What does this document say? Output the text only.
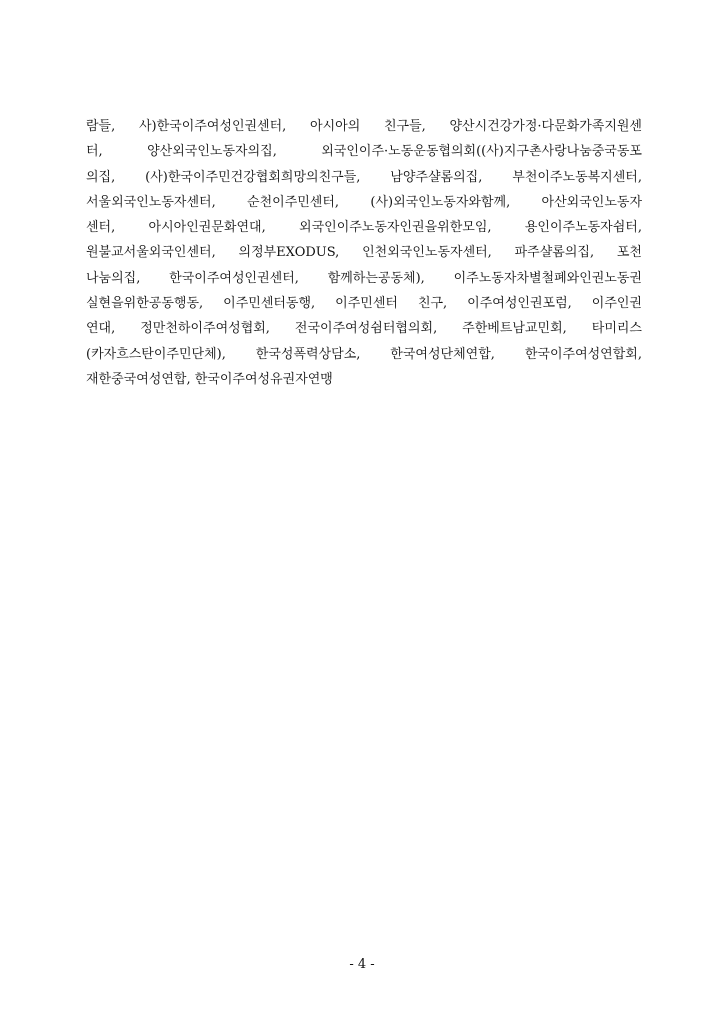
람들, 사)한국이주여성인권센터, 아시아의 친구들, 양산시건강가정·다문화가족지원센
터, 양산외국인노동자의집, 외국인이주·노동운동협의회((사)지구촌사랑나눔중국동포
의집, (사)한국이주민건강협회희망의친구들, 남양주샬롬의집, 부천이주노동복지센터,
서울외국인노동자센터, 순천이주민센터, (사)외국인노동자와함께, 아산외국인노동자
센터, 아시아인권문화연대, 외국인이주노동자인권을위한모임, 용인이주노동자쉼터,
원불교서울외국인센터, 의정부EXODUS, 인천외국인노동자센터, 파주샬롬의집, 포천
나눔의집, 한국이주여성인권센터, 함께하는공동체), 이주노동자차별철폐와인권노동권
실현을위한공동행동, 이주민센터동행, 이주민센터 친구, 이주여성인권포럼, 이주인권
연대, 정만천하이주여성협회, 전국이주여성쉼터협의회, 주한베트남교민회, 타미리스
(카자흐스탄이주민단체), 한국성폭력상담소, 한국여성단체연합, 한국이주여성연합회,
재한중국여성연합, 한국이주여성유권자연맹
- 4 -
